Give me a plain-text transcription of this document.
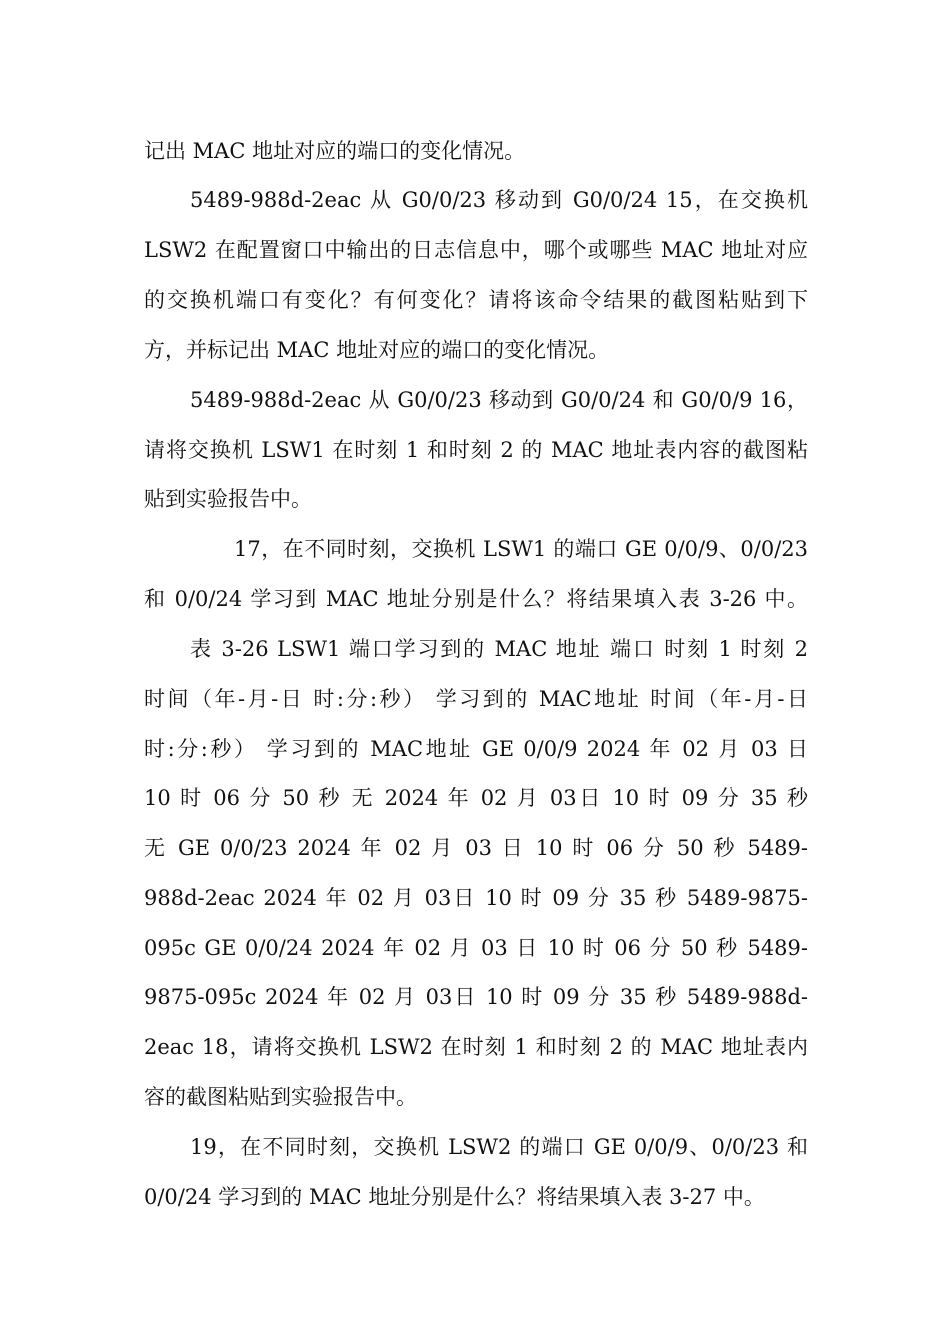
记出 MAC 地址对应的端口的变化情况。
5489-988d-2eac 从 G0/0/23 移动到 G0/0/24 15，在交换机
LSW2 在配置窗口中输出的日志信息中，哪个或哪些 MAC 地址对应
的交换机端口有变化？有何变化？请将该命令结果的截图粘贴到下
方，并标记出 MAC 地址对应的端口的变化情况。
5489-988d-2eac 从 G0/0/23 移动到 G0/0/24 和 G0/0/9 16，
请将交换机 LSW1 在时刻 1 和时刻 2 的 MAC 地址表内容的截图粘
贴到实验报告中。
17，在不同时刻，交换机 LSW1 的端口 GE 0/0/9、0/0/23
和 0/0/24 学习到 MAC 地址分别是什么？将结果填入表 3-26 中。
表 3-26 LSW1 端口学习到的 MAC 地址 端口 时刻 1 时刻 2
时间（年-月-日 时:分:秒） 学习到的 MAC地址 时间（年-月-日
时:分:秒） 学习到的 MAC地址 GE 0/0/9 2024 年 02 月 03 日
10 时 06 分 50 秒 无 2024 年 02 月 03日 10 时 09 分 35 秒
无 GE 0/0/23 2024 年 02 月 03 日 10 时 06 分 50 秒 5489-
988d-2eac 2024 年 02 月 03日 10 时 09 分 35 秒 5489-9875-
095c GE 0/0/24 2024 年 02 月 03 日 10 时 06 分 50 秒 5489-
9875-095c 2024 年 02 月 03日 10 时 09 分 35 秒 5489-988d-
2eac 18，请将交换机 LSW2 在时刻 1 和时刻 2 的 MAC 地址表内
容的截图粘贴到实验报告中。
19，在不同时刻，交换机 LSW2 的端口 GE 0/0/9、0/0/23 和
0/0/24 学习到的 MAC 地址分别是什么？将结果填入表 3-27 中。
